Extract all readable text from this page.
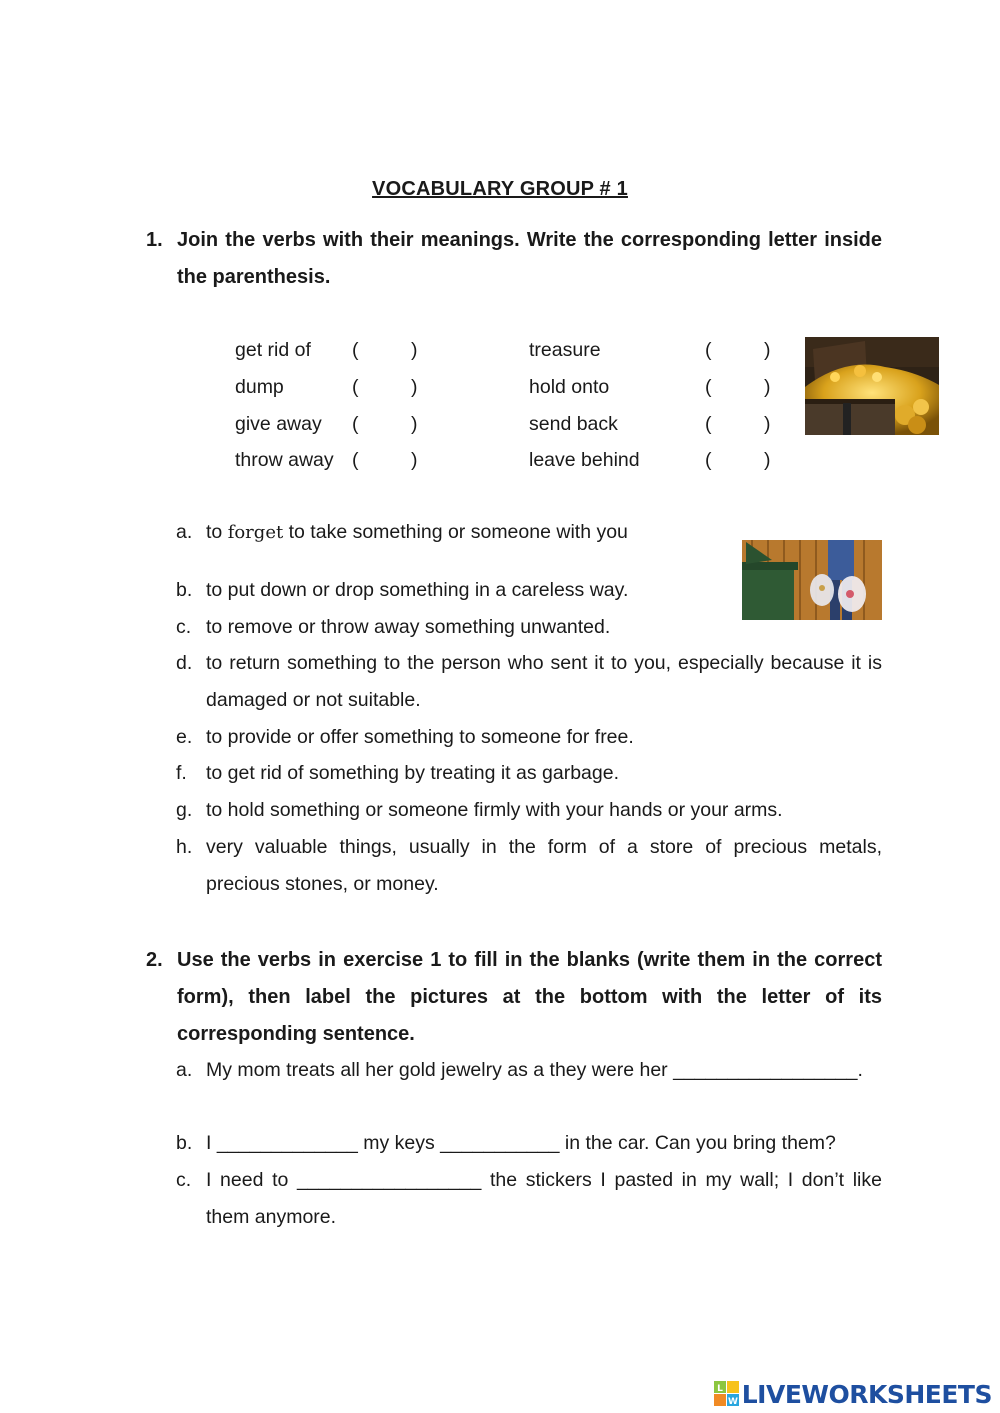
VOCABULARY GROUP # 1
1. Join the verbs with their meanings. Write the corresponding letter inside the parenthesis.
get rid of (	)	treasure	(	)
dump	(	)	hold onto	(	)
give away (	)	send back	(	)
throw away (	)	leave behind	(	)
a. to forget to take something or someone with you
b. to put down or drop something in a careless way.
c. to remove or throw away something unwanted.
d. to return something to the person who sent it to you, especially because it is damaged or not suitable.
e. to provide or offer something to someone for free.
f. to get rid of something by treating it as garbage.
g. to hold something or someone firmly with your hands or your arms.
h. very valuable things, usually in the form of a store of precious metals, precious stones, or money.
2. Use the verbs in exercise 1 to fill in the blanks (write them in the correct form), then label the pictures at the bottom with the letter of its corresponding sentence.
a. My mom treats all her gold jewelry as a they were her _________________.
b. I _____________ my keys ___________ in the car. Can you bring them?
c. I need to _________________ the stickers I pasted in my wall; I don’t like them anymore.
L
W LIVEWORKSHEETS
